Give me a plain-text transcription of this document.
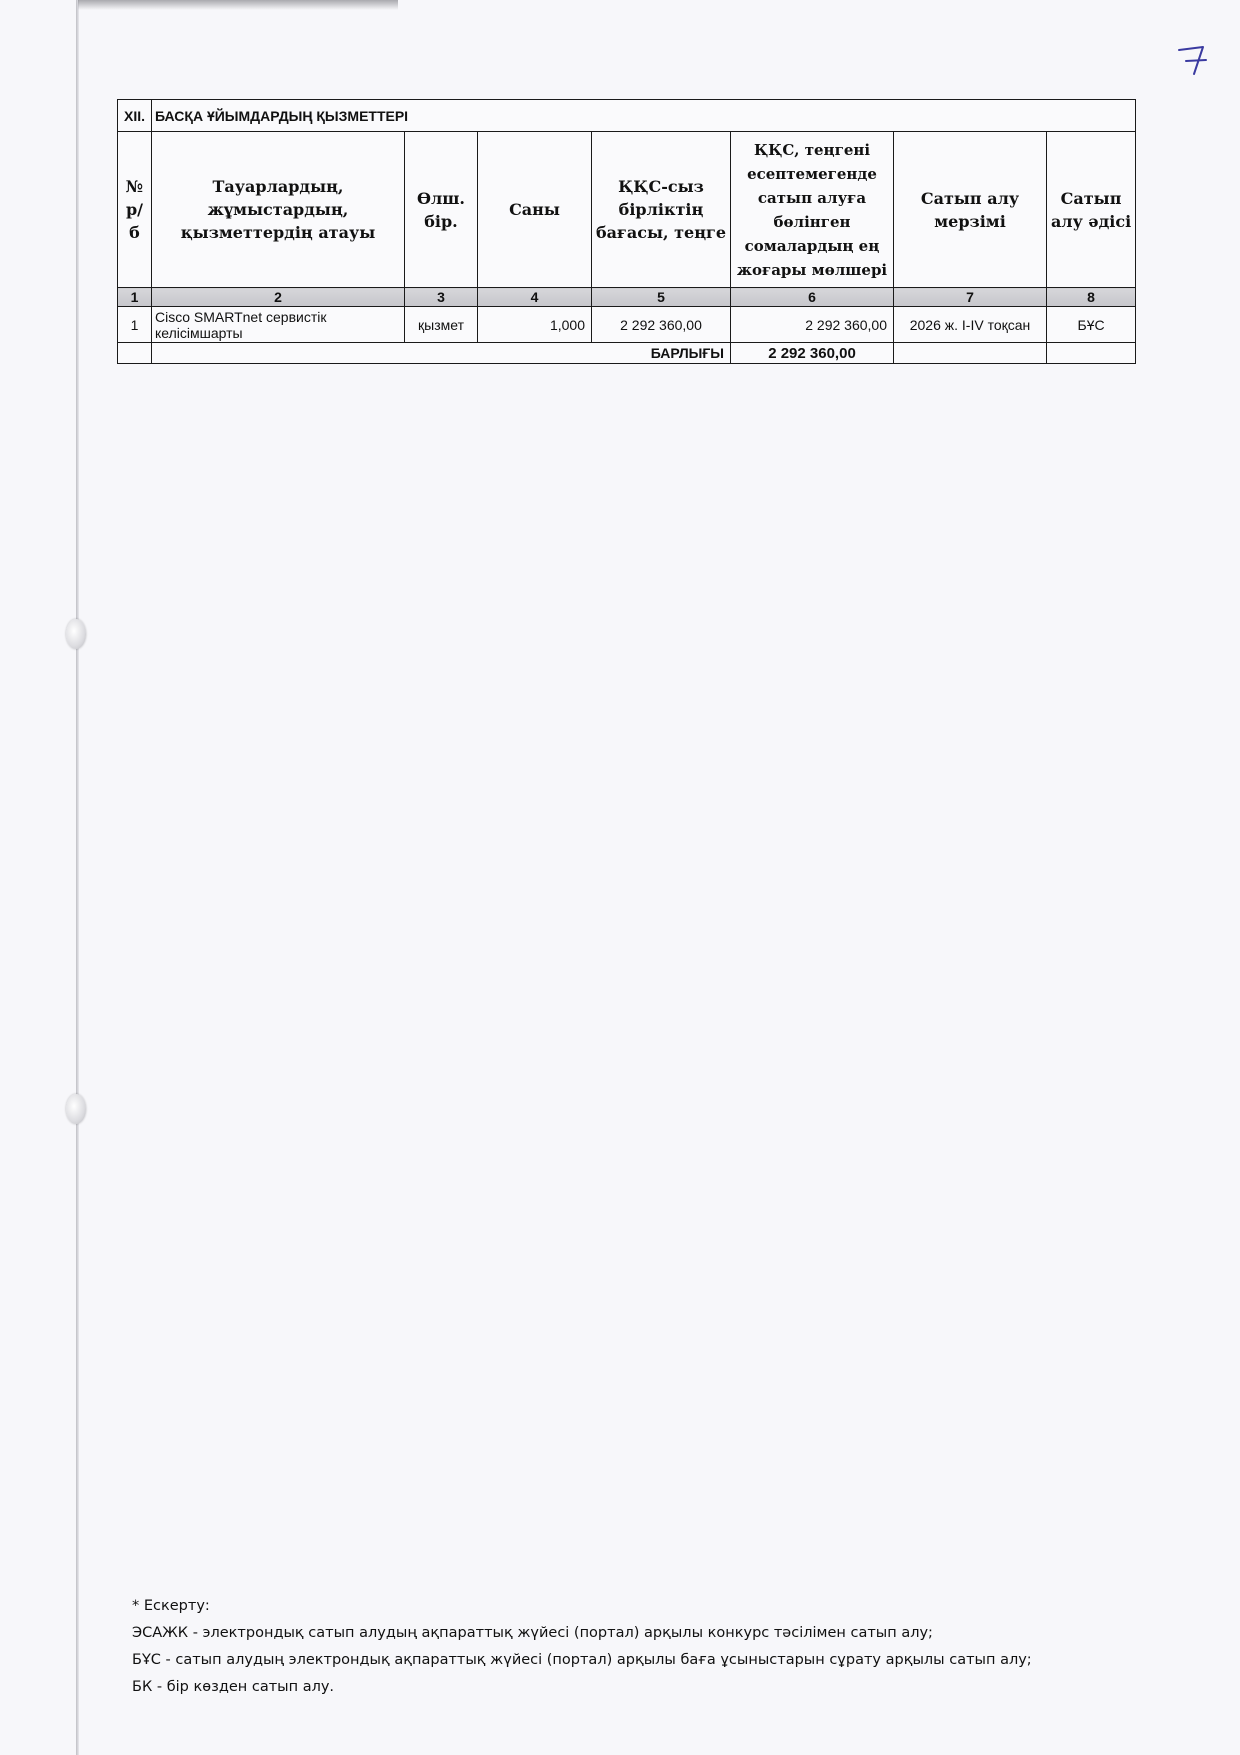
XII.	БАСҚА ҰЙЫМДАРДЫҢ ҚЫЗМЕТТЕРІ						
№ р/б	Тауарлардың, жұмыстардың, қызметтердің атауы	Өлш. бір.	Саны	ҚҚС-сыз бірліктің бағасы, теңге	ҚҚС, теңгені есептемегенде сатып алуға бөлінген сомалардың ең жоғары мөлшері	Сатып алу мерзімі	Сатып алу әдісі
1	2	3	4	5	6	7	8
1	Cisco SMARTnet сервистік келісімшарты	қызмет	1,000	2 292 360,00	2 292 360,00	2026 ж. I-IV тоқсан	БҰС
	БАРЛЫҒЫ				2 292 360,00		
* Ескерту:
ЭСАЖК - электрондық сатып алудың ақпараттық жүйесі (портал) арқылы конкурс тәсілімен сатып алу;
БҰС - сатып алудың электрондық ақпараттық жүйесі (портал) арқылы баға ұсыныстарын сұрату арқылы сатып алу;
БК - бір көзден сатып алу.
